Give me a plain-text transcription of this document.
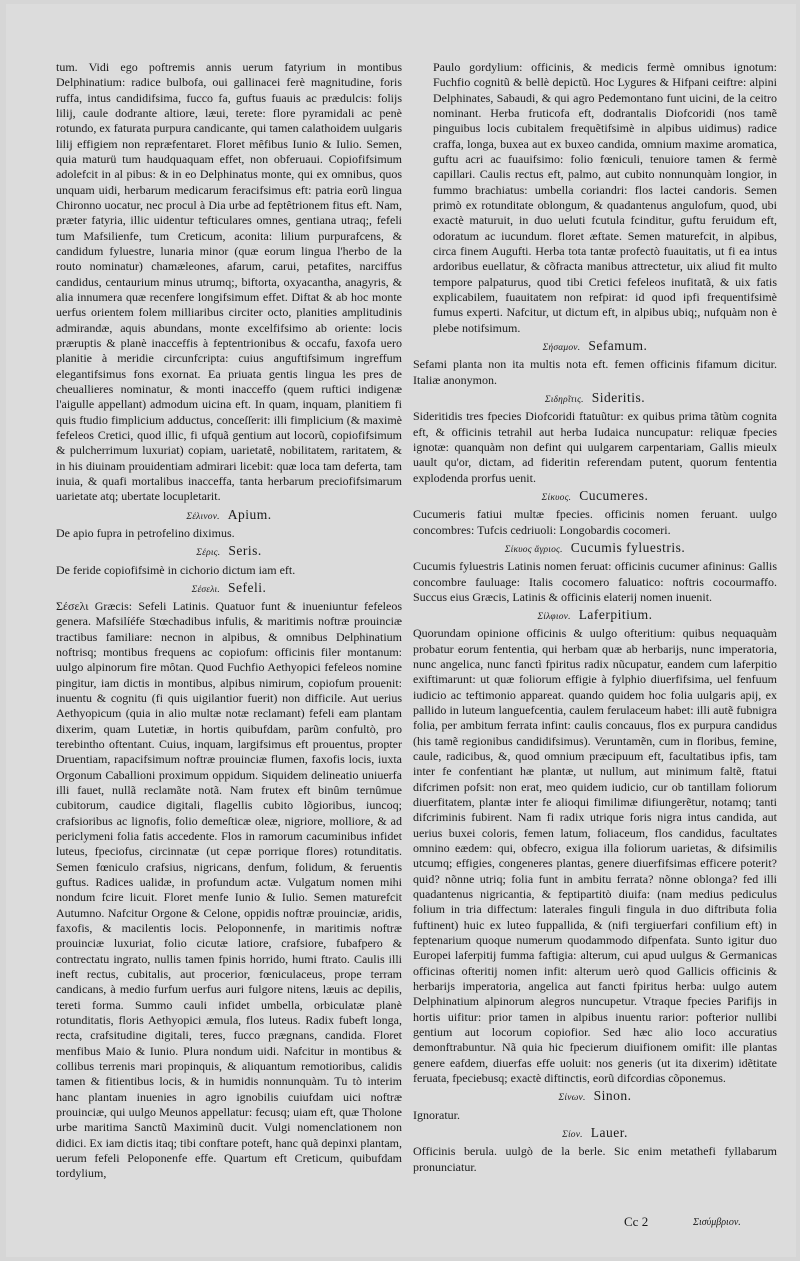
tum. Vidi ego poftremis annis uerum fatyrium in montibus Delphinatium: radice bulbofa, oui gallinacei ferè magnitudine, foris ruffa, intus candidifsima, fucco fa, guftus fuauis ac prædulcis: folijs lilij, caule dodrante altiore, læui, terete: flore pyramidali ac penè rotundo, ex faturata purpura candicante, qui tamen calathoidem uulgaris lilij effigiem non repræfentaret. Floret mêfibus Iunio & Iulio. Semen, quia maturü tum haudquaquam effet, non obferuaui. Copiofifsimum adolefcit in al pibus: & in eo Delphinatus monte, qui ex omnibus, quos unquam uidi, herbarum medicarum feracifsimus eft: patria eorũ lingua Chironno uocatur, nec procul à Dia urbe ad feptêtrionem fitus eft. Nam, præter fatyria, illic uidentur tefticulares omnes, gentiana utraq;, fefeli tum Mafsilienfe, tum Creticum, aconita: lilium purpurafcens, & candidum fyluestre, lunaria minor (quæ eorum lingua l'herbo de la routo nominatur) chamæleones, afarum, carui, petafites, narciffus candidus, centaurium minus utrumq;, biftorta, oxyacantha, anagyris, & alia innumera quæ recenfere longifsimum effet. Diftat & ab hoc monte uerfus orientem folem milliaribus circiter octo, planities amplitudinis admirandæ, aquis abundans, monte excelfifsimo ab oriente: locis præruptis & planè inacceffis à feptentrionibus & occafu, faxofa uero planitie à meridie circunfcripta: cuius anguftifsimum ingreffum elegantifsimus fons exornat. Ea priuata gentis lingua les pres de cheuallieres nominatur, & monti inacceffo (quem ruftici indigenæ l'aigulle appellant) admodum uicina eft. In quam, inquam, planitiem fi quis ftudio fimplicium adductus, conceſſerit: illi fimplicium (& maximè fefeleos Cretici, quod illic, fi ufquã gentium aut locorũ, copiofifsimum & pulcherrimum luxuriat) copiam, uarietatê, nobilitatem, raritatem, & in his diuinam prouidentiam admirari licebit: quæ loca tam deferta, tam inuia, & quafi mortalibus inacceffa, tanta herbarum preciofifsimarum uarietate atq; ubertate locupletarit.

Σέλινον. Apium.

De apio fupra in petrofelino diximus.

Σέρις. Seris.

De feride copiofifsimè in cichorio dictum iam eft.

Σέσελι. Sefeli.

Σέσελι Græcis: Sefeli Latinis. Quatuor funt & inueniuntur fefeleos genera. Mafsilíéfe Stœchadibus infulis, & maritimis noftræ prouinciæ tractibus familiare: necnon in alpibus, & omnibus Delphinatium noftrisq; montibus frequens ac copiofum: officinis filer montanum: uulgo alpinorum fire môtan. Quod Fuchfio Aethyopici fefeleos nomine pingitur, iam dictis in montibus, alpibus nimirum, copiofum prouenit: inuentu & cognitu (fi quis uigilantior fuerit) non difficile. Aut uerius Aethyopicum (quia in alio multæ notæ reclamant) fefeli eam plantam dixerim, quam Lutetiæ, in hortis quibufdam, parũm confultò, pro terebintho oftentant. Cuius, inquam, largifsimus eft prouentus, propter Druentiam, rapacifsimum noftræ prouinciæ flumen, faxofis locis, iuxta Orgonum Caballioni proximum oppidum. Siquidem delineatio uniuerfa illi fauet, nullã reclamãte notã. Nam frutex eft binûm ternûmue cubitorum, caudice digitali, flagellis cubito lõgioribus, iuncoq; crafsioribus ac lignofis, folio demeſticæ oleæ, nigriore, molliore, & ad periclymeni folia fatis accedente. Flos in ramorum cacuminibus infidet luteus, fpeciofus, circinnatæ (ut cepæ porrique flores) rotunditatis. Semen fœniculo crafsius, nigricans, denfum, folidum, & feruentis guftus. Radices ualidæ, in profundum actæ. Vulgatum nomen mihi nondum fcire licuit. Floret menfe Iunio & Iulio. Semen maturefcit Autumno. Nafcitur Orgone & Celone, oppidis noftræ prouinciæ, aridis, faxofis, & macilentis locis. Peloponnenfe, in maritimis noftræ prouinciæ luxuriat, folio cicutæ latiore, crafsiore, fubafpero & contrectatu ingrato, nullis tamen fpinis horrido, humi ftrato. Caulis illi ineft rectus, cubitalis, aut procerior, fœniculaceus, prope terram candicans, à medio furfum uerfus auri fulgore nitens, læuis ac depilis, tereti forma. Summo cauli infidet umbella, orbiculatæ planè rotunditatis, floris Aethyopici æmula, flos luteus. Radix fubeft longa, recta, crafsitudine digitali, teres, fucco prægnans, candida. Floret menfibus Maio & Iunio. Plura nondum uidi. Nafcitur in montibus & collibus terrenis mari propinquis, & aliquantum remotioribus, calidis tamen & fitientibus locis, & in humidis nonnunquàm. Tu tò interim hanc plantam inuenies in agro ignobilis cuiufdam uici noftræ prouinciæ, qui uulgo Meunos appellatur: fecusq; uiam eft, quæ Tholone urbe maritima Sanctũ Maximinũ ducit. Vulgi nomenclationem non didici. Ex iam dictis itaq; tibi conftare poteft, hanc quã depinxi plantam, uerum fefeli Peloponenfe effe. Quartum eft Creticum, quibufdam tordylium,

Paulo gordylium: officinis, & medicis fermè omnibus ignotum: Fuchfio cognitũ & bellè depictũ. Hoc Lygures & Hifpani ceiftre: alpini Delphinates, Sabaudi, & qui agro Pedemontano funt uicini, de la ceitro nominant. Herba fruticofa eft, dodrantalis Diofcoridi (nos tamẽ pinguibus locis cubitalem frequẽtifsimè in alpibus uidimus) radice craffa, longa, buxea aut ex buxeo candida, omnium maxime aromatica, guftu acri ac fuauifsimo: folio fœniculi, tenuiore tamen & fermè capillari. Caulis rectus eft, palmo, aut cubito nonnunquàm longior, in fummo brachiatus: umbella coriandri: flos lactei candoris. Semen primò ex rotunditate oblongum, & quadantenus angulofum, quod, ubi exactè maturuit, in duo ueluti fcutula fcinditur, guftu feruidum eft, odoratum ac iucundum. floret æftate. Semen maturefcit, in alpibus, circa finem Augufti. Herba tota tantæ profectò fuauitatis, ut fi ea intus ardoribus euellatur, & cõfracta manibus attrectetur, uix aliud fit multo tempore palpaturus, quod tibi Cretici fefeleos inufitatã, & uix fatis explicabilem, fuauitatem non refpirat: id quod ipfi frequentifsimè fumus experti. Nafcitur, ut dictum eft, in alpibus ubiq;, nufquàm non è plebe notifsimum.

Σήσαμον. Sefamum.

Sefami planta non ita multis nota eft. femen officinis fifamum dicitur. Italiæ anonymon.

Σιδηρῖτις. Sideritis.

Sideritidis tres fpecies Diofcoridi ftatuũtur: ex quibus prima tãtùm cognita eft, & officinis tetrahil aut herba Iudaica nuncupatur: reliquæ fpecies ignotæ: quanquàm non defint qui uulgarem carpentariam, Gallis mieulx uault qu'or, dictam, ad fideritin referendam putent, quorum fententia explodenda prorfus uenit.

Σίκυος. Cucumeres.

Cucumeris fatiui multæ fpecies. officinis nomen feruant. uulgo concombres: Tufcis cedriuoli: Longobardis cocomeri.

Σίκυος ἄγριος. Cucumis fyluestris.

Cucumis fyluestris Latinis nomen feruat: officinis cucumer afininus: Gallis concombre fauluage: Italis cocomero faluatico: noftris cocourmaffo. Succus eius Græcis, Latinis & officinis elaterij nomen inuenit.

Σίλφιον. Laferpitium.

Quorundam opinione officinis & uulgo ofteritium: quibus nequaquàm probatur eorum fententia, qui herbam quæ ab herbarijs, nunc imperatoria, nunc angelica, nunc fanctì fpiritus radix nũcupatur, eandem cum laferpitio exiftimarunt: ut quæ foliorum effigie à fylphio diuerfifsima, uel fenfuum iudicio ac teftimonio appareat. quando quidem hoc folia uulgaris apij, ex pallido in luteum languefcentia, caulem ferulaceum habet: illi autẽ fubnigra folia, per ambitum ferrata infint: caulis concauus, flos ex purpura candidus (his tamẽ regionibus candidifsimus). Veruntamẽn, cum in floribus, femine, caule, radicibus, &, quod omnium præcipuum eft, facultatibus ipfis, tam inter fe confentiant hæ plantæ, ut nullum, aut minimum faltẽ, ftatui difcrimen pofsit: non erat, meo quidem iudicio, cur ob tantillam foliorum diuerfitatem, plantæ inter fe alioqui fimilimæ difiungerẽtur, notamq; tanti difcriminis fubirent. Nam fi radix utrique foris nigra intus candida, aut uerius buxei coloris, femen latum, foliaceum, flos candidus, facultates omnino eædem: qui, obfecro, exigua illa foliorum uarietas, & difsimilis utcumq; effigies, congeneres plantas, genere diuerfifsimas efficere poterit? quid? nõnne utriq; folia funt in ambitu ferrata? nõnne oblonga? fed illi quadantenus nigricantia, & feptipartitò diuifa: (nam medius pediculus folium in tria diffectum: laterales finguli fingula in duo diftributa folia fuftinent) huic ex luteo fuppallida, & (nifi tergiuerfari confilium eft) in feptenarium quoque numerum quodammodo difpenfata. Sunto igitur duo Europei laferpitij fumma faftigia: alterum, cui apud uulgus & Germanicas officinas ofteritij nomen infit: alterum uerò quod Gallicis officinis & herbarijs imperatoria, angelica aut fancti fpiritus herba: uulgo autem Delphinatium alpinorum alegros nuncupetur. Vtraque fpecies Parifijs in hortis uifitur: prior tamen in alpibus inuentu rarior: pofterior nullibi gentium aut locorum copiofior. Sed hæc alio loco accuratius demonftrabuntur. Nã quia hic fpecierum diuifionem omifit: ille plantas genere eafdem, diuerfas effe uoluit: nos generis (ut ita dixerim) idẽtitate feruata, fpeciebusq; exactè diftinctis, eorũ difcordias cõponemus.

Σίνων. Sinon.

Ignoratur.

Σίον. Lauer.

Officinis berula. uulgò de la berle. Sic enim metathefi fyllabarum pronunciatur.

Cc 2	Σισύμβριον.
